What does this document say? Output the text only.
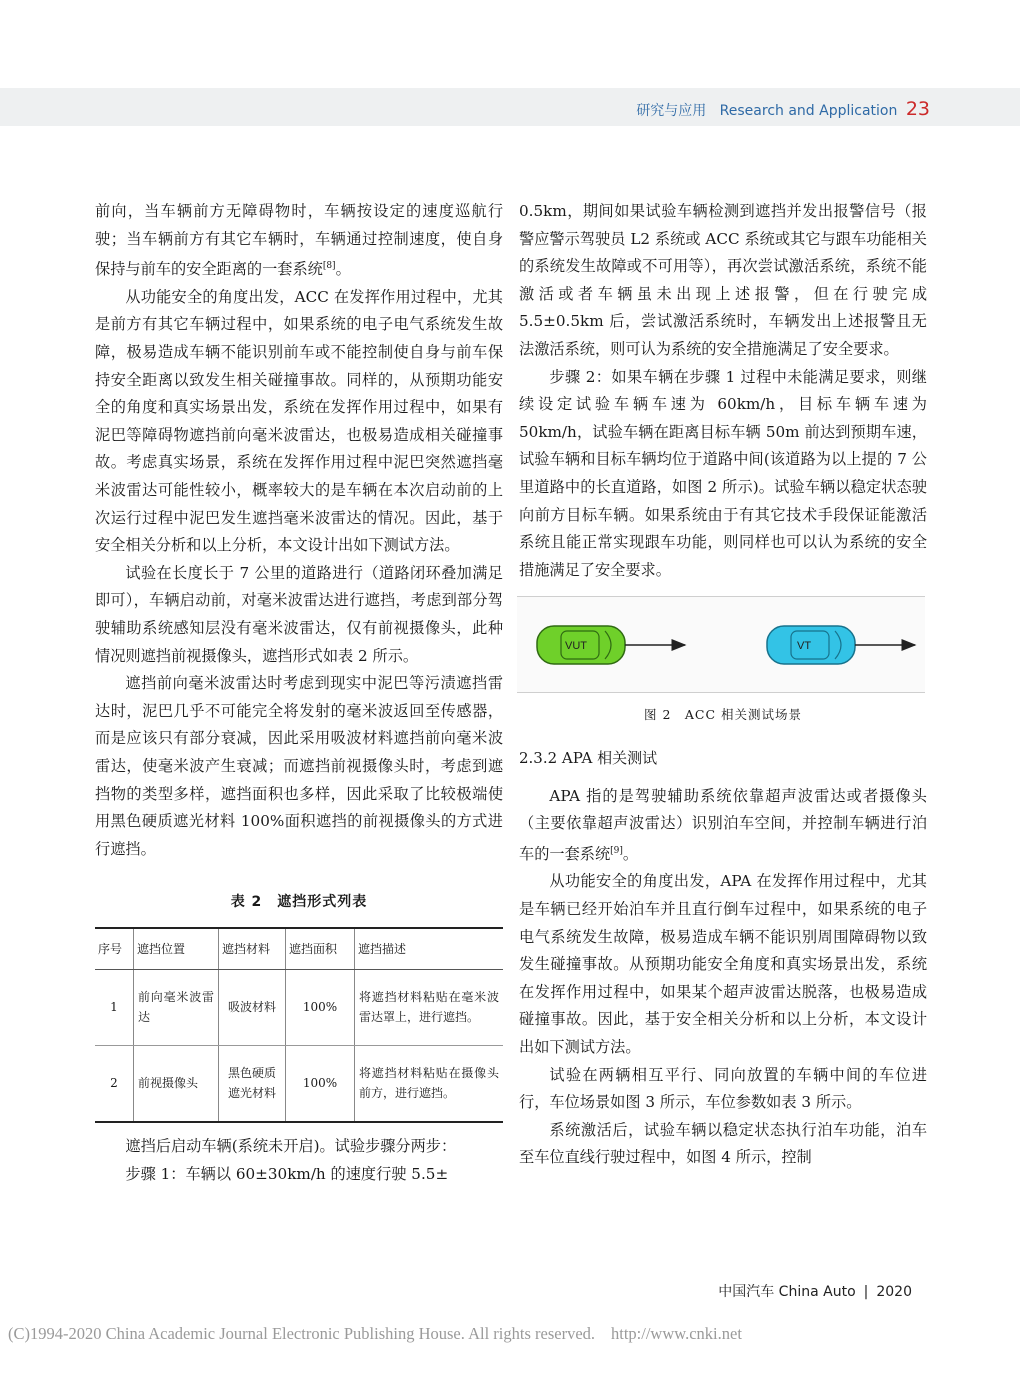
研究与应用 Research and Application 23

前向，当车辆前方无障碍物时，车辆按设定的速度巡航行驶；当车辆前方有其它车辆时，车辆通过控制速度，使自身保持与前车的安全距离的一套系统[8]。

从功能安全的角度出发，ACC 在发挥作用过程中，尤其是前方有其它车辆过程中，如果系统的电子电气系统发生故障，极易造成车辆不能识别前车或不能控制使自身与前车保持安全距离以致发生相关碰撞事故。同样的，从预期功能安全的角度和真实场景出发，系统在发挥作用过程中，如果有泥巴等障碍物遮挡前向毫米波雷达，也极易造成相关碰撞事故。考虑真实场景，系统在发挥作用过程中泥巴突然遮挡毫米波雷达可能性较小，概率较大的是车辆在本次启动前的上次运行过程中泥巴发生遮挡毫米波雷达的情况。因此，基于安全相关分析和以上分析，本文设计出如下测试方法。

试验在长度长于 7 公里的道路进行（道路闭环叠加满足即可），车辆启动前，对毫米波雷达进行遮挡，考虑到部分驾驶辅助系统感知层没有毫米波雷达，仅有前视摄像头，此种情况则遮挡前视摄像头，遮挡形式如表 2 所示。

遮挡前向毫米波雷达时考虑到现实中泥巴等污渍遮挡雷达时，泥巴几乎不可能完全将发射的毫米波返回至传感器，而是应该只有部分衰减，因此采用吸波材料遮挡前向毫米波雷达，使毫米波产生衰减；而遮挡前视摄像头时，考虑到遮挡物的类型多样，遮挡面积也多样，因此采取了比较极端使用黑色硬质遮光材料 100%面积遮挡的前视摄像头的方式进行遮挡。

表 2　遮挡形式列表
序号	遮挡位置	遮挡材料	遮挡面积	遮挡描述
1	前向毫米波雷达	吸波材料	100%	将遮挡材料粘贴在毫米波雷达罩上，进行遮挡。
2	前视摄像头	黑色硬质遮光材料	100%	将遮挡材料粘贴在摄像头前方，进行遮挡。

遮挡后启动车辆(系统未开启)。试验步骤分两步：

步骤 1：车辆以 60±30km/h 的速度行驶 5.5±

0.5km，期间如果试验车辆检测到遮挡并发出报警信号（报警应警示驾驶员 L2 系统或 ACC 系统或其它与跟车功能相关的系统发生故障或不可用等），再次尝试激活系统，系统不能激活或者车辆虽未出现上述报警，但在行驶完成 5.5±0.5km 后，尝试激活系统时，车辆发出上述报警且无法激活系统，则可认为系统的安全措施满足了安全要求。

步骤 2：如果车辆在步骤 1 过程中未能满足要求，则继续设定试验车辆车速为 60km/h，目标车辆车速为 50km/h，试验车辆在距离目标车辆 50m 前达到预期车速，试验车辆和目标车辆均位于道路中间(该道路为以上提的 7 公里道路中的长直道路，如图 2 所示)。试验车辆以稳定状态驶向前方目标车辆。如果系统由于有其它技术手段保证能激活系统且能正常实现跟车功能，则同样也可以认为系统的安全措施满足了安全要求。

VUT	VT
图 2　ACC 相关测试场景

2.3.2 APA 相关测试

APA 指的是驾驶辅助系统依靠超声波雷达或者摄像头（主要依靠超声波雷达）识别泊车空间，并控制车辆进行泊车的一套系统[9]。

从功能安全的角度出发，APA 在发挥作用过程中，尤其是车辆已经开始泊车并且直行倒车过程中，如果系统的电子电气系统发生故障，极易造成车辆不能识别周围障碍物以致发生碰撞事故。从预期功能安全角度和真实场景出发，系统在发挥作用过程中，如果某个超声波雷达脱落，也极易造成碰撞事故。因此，基于安全相关分析和以上分析，本文设计出如下测试方法。

试验在两辆相互平行、同向放置的车辆中间的车位进行，车位场景如图 3 所示，车位参数如表 3 所示。

系统激活后，试验车辆以稳定状态执行泊车功能，泊车至车位直线行驶过程中，如图 4 所示，控制

中国汽车 China Auto | 2020
(C)1994-2020 China Academic Journal Electronic Publishing House. All rights reserved. http://www.cnki.net
